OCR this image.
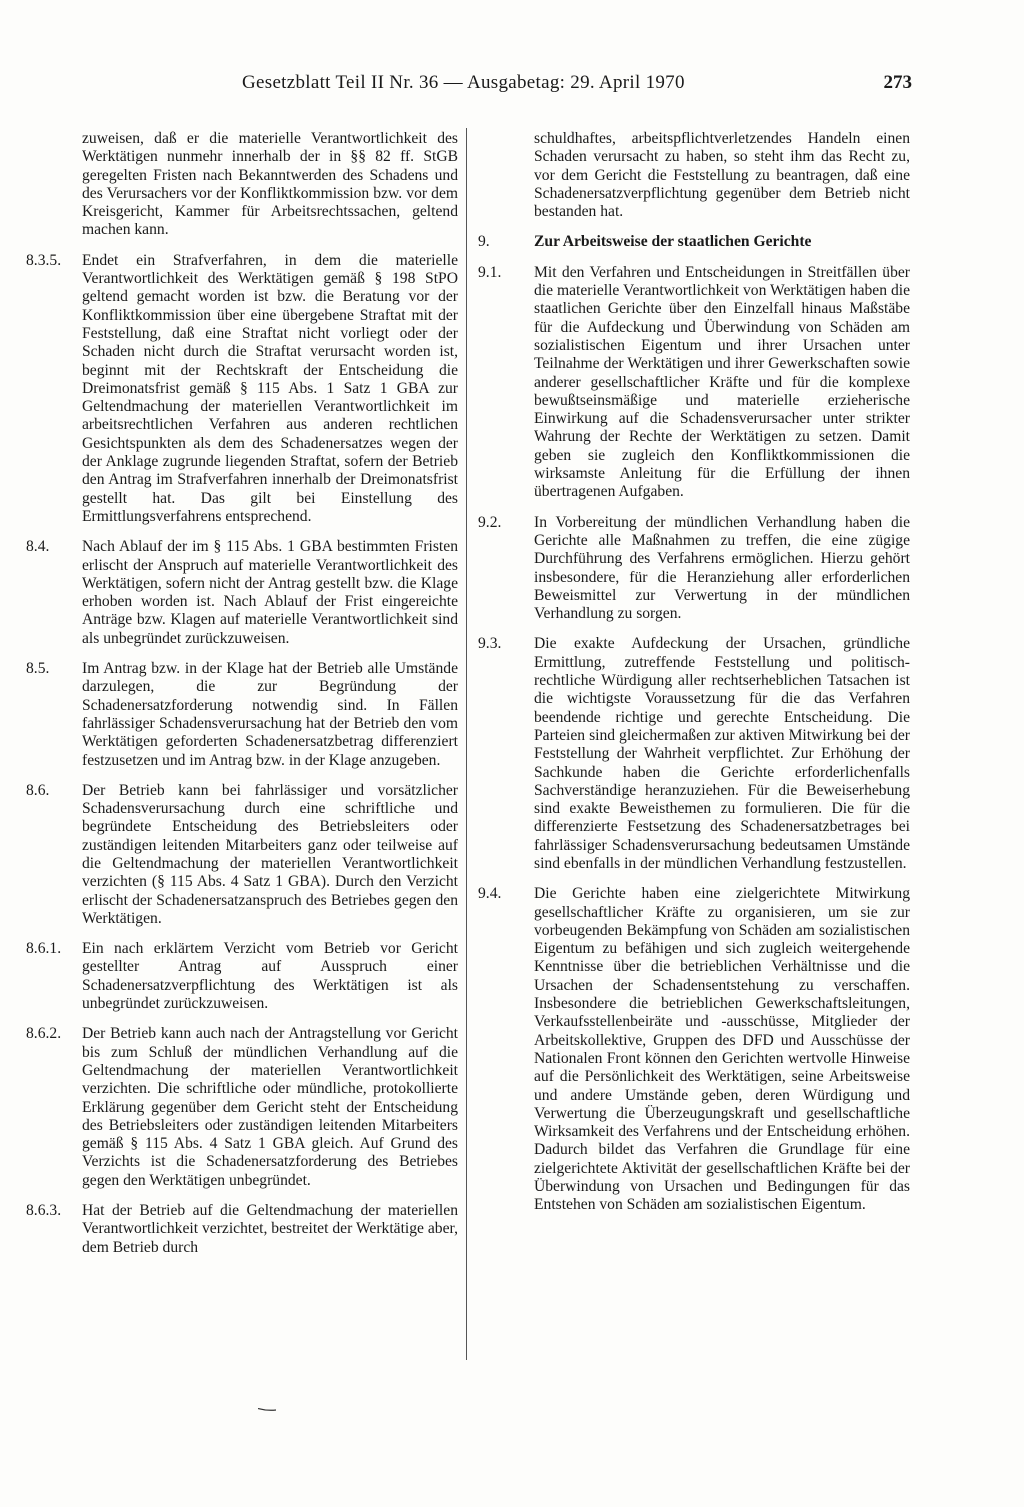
Gesetzblatt Teil II Nr. 36 — Ausgabetag: 29. April 1970	273
zuweisen, daß er die materielle Verantwortlichkeit des Werktätigen nunmehr innerhalb der in §§ 82 ff. StGB geregelten Fristen nach Bekanntwerden des Schadens und des Verursachers vor der Konfliktkommission bzw. vor dem Kreisgericht, Kammer für Arbeitsrechtssachen, geltend machen kann.
8.3.5.	Endet ein Strafverfahren, in dem die materielle Verantwortlichkeit des Werktätigen gemäß § 198 StPO geltend gemacht worden ist bzw. die Beratung vor der Konfliktkommission über eine übergebene Straftat mit der Feststellung, daß eine Straftat nicht vorliegt oder der Schaden nicht durch die Straftat verursacht worden ist, beginnt mit der Rechtskraft der Entscheidung die Dreimonatsfrist gemäß § 115 Abs. 1 Satz 1 GBA zur Geltendmachung der materiellen Verantwortlichkeit im arbeitsrechtlichen Verfahren aus anderen rechtlichen Gesichtspunkten als dem des Schadenersatzes wegen der der Anklage zugrunde liegenden Straftat, sofern der Betrieb den Antrag im Strafverfahren innerhalb der Dreimonatsfrist gestellt hat. Das gilt bei Einstellung des Ermittlungsverfahrens entsprechend.
8.4.	Nach Ablauf der im § 115 Abs. 1 GBA bestimmten Fristen erlischt der Anspruch auf materielle Verantwortlichkeit des Werktätigen, sofern nicht der Antrag gestellt bzw. die Klage erhoben worden ist. Nach Ablauf der Frist eingereichte Anträge bzw. Klagen auf materielle Verantwortlichkeit sind als unbegründet zurückzuweisen.
8.5.	Im Antrag bzw. in der Klage hat der Betrieb alle Umstände darzulegen, die zur Begründung der Schadenersatzforderung notwendig sind. In Fällen fahrlässiger Schadensverursachung hat der Betrieb den vom Werktätigen geforderten Schadenersatzbetrag differenziert festzusetzen und im Antrag bzw. in der Klage anzugeben.
8.6.	Der Betrieb kann bei fahrlässiger und vorsätzlicher Schadensverursachung durch eine schriftliche und begründete Entscheidung des Betriebsleiters oder zuständigen leitenden Mitarbeiters ganz oder teilweise auf die Geltendmachung der materiellen Verantwortlichkeit verzichten (§ 115 Abs. 4 Satz 1 GBA). Durch den Verzicht erlischt der Schadenersatzanspruch des Betriebes gegen den Werktätigen.
8.6.1.	Ein nach erklärtem Verzicht vom Betrieb vor Gericht gestellter Antrag auf Ausspruch einer Schadenersatzverpflichtung des Werktätigen ist als unbegründet zurückzuweisen.
8.6.2.	Der Betrieb kann auch nach der Antragstellung vor Gericht bis zum Schluß der mündlichen Verhandlung auf die Geltendmachung der materiellen Verantwortlichkeit verzichten. Die schriftliche oder mündliche, protokollierte Erklärung gegenüber dem Gericht steht der Entscheidung des Betriebsleiters oder zuständigen leitenden Mitarbeiters gemäß § 115 Abs. 4 Satz 1 GBA gleich. Auf Grund des Verzichts ist die Schadenersatzforderung des Betriebes gegen den Werktätigen unbegründet.
8.6.3.	Hat der Betrieb auf die Geltendmachung der materiellen Verantwortlichkeit verzichtet, bestreitet der Werktätige aber, dem Betrieb durch
schuldhaftes, arbeitspflichtverletzendes Handeln einen Schaden verursacht zu haben, so steht ihm das Recht zu, vor dem Gericht die Feststellung zu beantragen, daß eine Schadenersatzverpflichtung gegenüber dem Betrieb nicht bestanden hat.
9.	Zur Arbeitsweise der staatlichen Gerichte
9.1.	Mit den Verfahren und Entscheidungen in Streitfällen über die materielle Verantwortlichkeit von Werktätigen haben die staatlichen Gerichte über den Einzelfall hinaus Maßstäbe für die Aufdeckung und Überwindung von Schäden am sozialistischen Eigentum und ihrer Ursachen unter Teilnahme der Werktätigen und ihrer Gewerkschaften sowie anderer gesellschaftlicher Kräfte und für die komplexe bewußtseinsmäßige und materielle erzieherische Einwirkung auf die Schadensverursacher unter strikter Wahrung der Rechte der Werktätigen zu setzen. Damit geben sie zugleich den Konfliktkommissionen die wirksamste Anleitung für die Erfüllung der ihnen übertragenen Aufgaben.
9.2.	In Vorbereitung der mündlichen Verhandlung haben die Gerichte alle Maßnahmen zu treffen, die eine zügige Durchführung des Verfahrens ermöglichen. Hierzu gehört insbesondere, für die Heranziehung aller erforderlichen Beweismittel zur Verwertung in der mündlichen Verhandlung zu sorgen.
9.3.	Die exakte Aufdeckung der Ursachen, gründliche Ermittlung, zutreffende Feststellung und politisch-rechtliche Würdigung aller rechtserheblichen Tatsachen ist die wichtigste Voraussetzung für die das Verfahren beendende richtige und gerechte Entscheidung. Die Parteien sind gleichermaßen zur aktiven Mitwirkung bei der Feststellung der Wahrheit verpflichtet. Zur Erhöhung der Sachkunde haben die Gerichte erforderlichenfalls Sachverständige heranzuziehen. Für die Beweiserhebung sind exakte Beweisthemen zu formulieren. Die für die differenzierte Festsetzung des Schadenersatzbetrages bei fahrlässiger Schadensverursachung bedeutsamen Umstände sind ebenfalls in der mündlichen Verhandlung festzustellen.
9.4.	Die Gerichte haben eine zielgerichtete Mitwirkung gesellschaftlicher Kräfte zu organisieren, um sie zur vorbeugenden Bekämpfung von Schäden am sozialistischen Eigentum zu befähigen und sich zugleich weitergehende Kenntnisse über die betrieblichen Verhältnisse und die Ursachen der Schadensentstehung zu verschaffen. Insbesondere die betrieblichen Gewerkschaftsleitungen, Verkaufsstellenbeiräte und -ausschüsse, Mitglieder der Arbeitskollektive, Gruppen des DFD und Ausschüsse der Nationalen Front können den Gerichten wertvolle Hinweise auf die Persönlichkeit des Werktätigen, seine Arbeitsweise und andere Umstände geben, deren Würdigung und Verwertung die Überzeugungskraft und gesellschaftliche Wirksamkeit des Verfahrens und der Entscheidung erhöhen. Dadurch bildet das Verfahren die Grundlage für eine zielgerichtete Aktivität der gesellschaftlichen Kräfte bei der Überwindung von Ursachen und Bedingungen für das Entstehen von Schäden am sozialistischen Eigentum.
